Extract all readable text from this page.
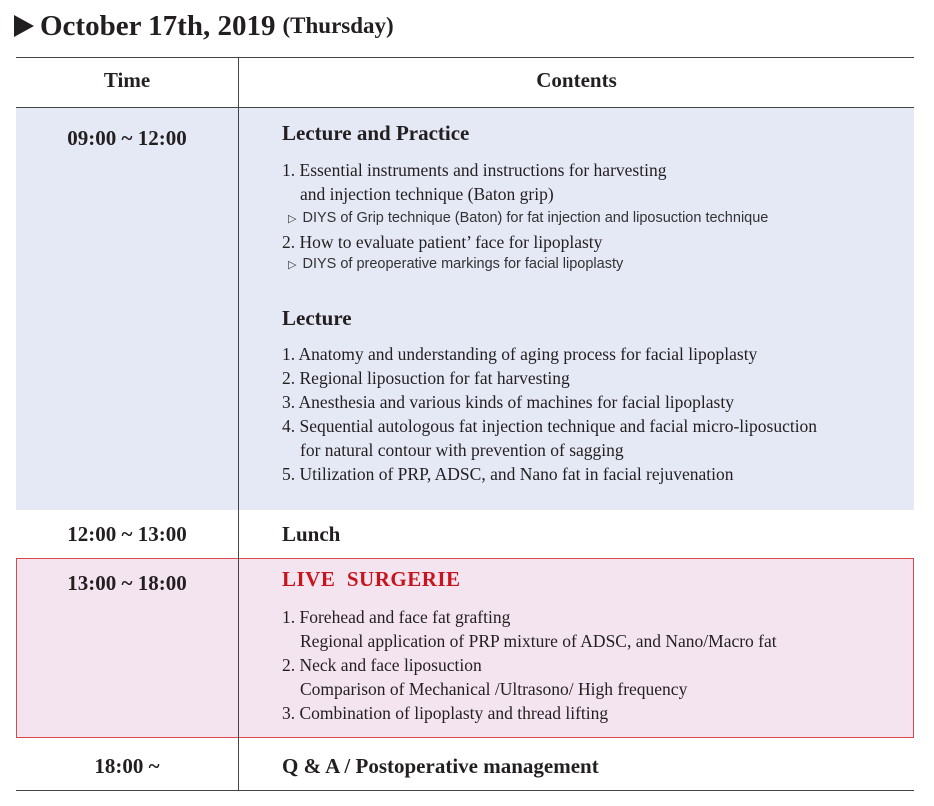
October 17th, 2019 (Thursday)
Time	Contents
09:00 ~ 12:00	Lecture and Practice
1. Essential instruments and instructions for harvesting
and injection technique (Baton grip)
▷ DIYS of Grip technique (Baton) for fat injection and liposuction technique
2. How to evaluate patient’ face for lipoplasty
▷ DIYS of preoperative markings for facial lipoplasty
Lecture
1. Anatomy and understanding of aging process for facial lipoplasty
2. Regional liposuction for fat harvesting
3. Anesthesia and various kinds of machines for facial lipoplasty
4. Sequential autologous fat injection technique and facial micro-liposuction
for natural contour with prevention of sagging
5. Utilization of PRP, ADSC, and Nano fat in facial rejuvenation
12:00 ~ 13:00	Lunch
13:00 ~ 18:00	LIVE  SURGERIE
1. Forehead and face fat grafting
Regional application of PRP mixture of ADSC, and Nano/Macro fat
2. Neck and face liposuction
Comparison of Mechanical /Ultrasono/ High frequency
3. Combination of lipoplasty and thread lifting
18:00 ~	Q & A / Postoperative management
